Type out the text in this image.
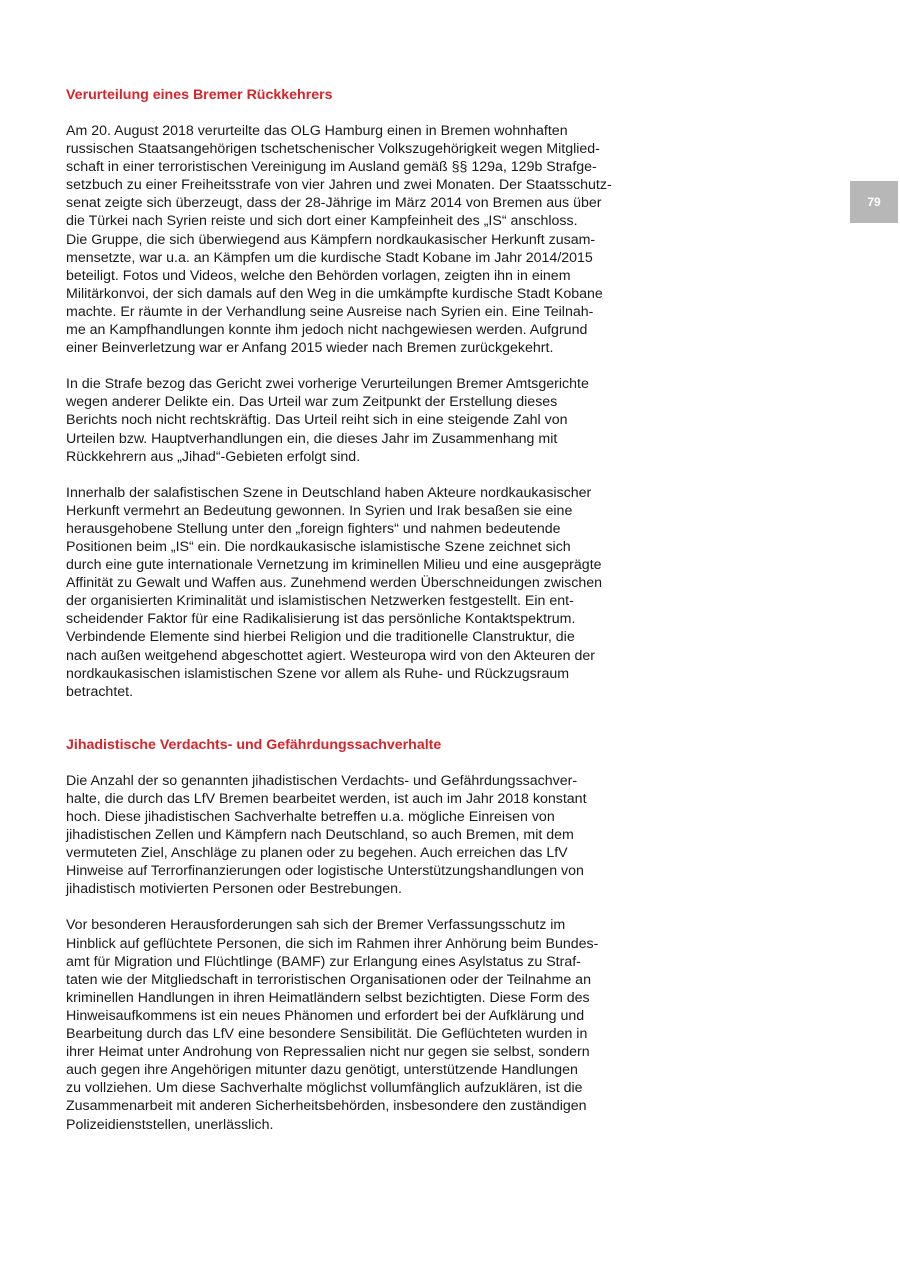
79
Verurteilung eines Bremer Rückkehrers
Am 20. August 2018 verurteilte das OLG Hamburg einen in Bremen wohnhaften
russischen Staatsangehörigen tschetschenischer Volkszugehörigkeit wegen Mitglied-
schaft in einer terroristischen Vereinigung im Ausland gemäß §§ 129a, 129b Strafge-
setzbuch zu einer Freiheitsstrafe von vier Jahren und zwei Monaten. Der Staatsschutz-
senat zeigte sich überzeugt, dass der 28-Jährige im März 2014 von Bremen aus über
die Türkei nach Syrien reiste und sich dort einer Kampfeinheit des „IS“ anschloss.
Die Gruppe, die sich überwiegend aus Kämpfern nordkaukasischer Herkunft zusam-
mensetzte, war u.a. an Kämpfen um die kurdische Stadt Kobane im Jahr 2014/2015
beteiligt. Fotos und Videos, welche den Behörden vorlagen, zeigten ihn in einem
Militärkonvoi, der sich damals auf den Weg in die umkämpfte kurdische Stadt Kobane
machte. Er räumte in der Verhandlung seine Ausreise nach Syrien ein. Eine Teilnah-
me an Kampfhandlungen konnte ihm jedoch nicht nachgewiesen werden. Aufgrund
einer Beinverletzung war er Anfang 2015 wieder nach Bremen zurückgekehrt.
In die Strafe bezog das Gericht zwei vorherige Verurteilungen Bremer Amtsgerichte
wegen anderer Delikte ein. Das Urteil war zum Zeitpunkt der Erstellung dieses
Berichts noch nicht rechtskräftig. Das Urteil reiht sich in eine steigende Zahl von
Urteilen bzw. Hauptverhandlungen ein, die dieses Jahr im Zusammenhang mit
Rückkehrern aus „Jihad“-Gebieten erfolgt sind.
Innerhalb der salafistischen Szene in Deutschland haben Akteure nordkaukasischer
Herkunft vermehrt an Bedeutung gewonnen. In Syrien und Irak besaßen sie eine
herausgehobene Stellung unter den „foreign fighters“ und nahmen bedeutende
Positionen beim „IS“ ein. Die nordkaukasische islamistische Szene zeichnet sich
durch eine gute internationale Vernetzung im kriminellen Milieu und eine ausgeprägte
Affinität zu Gewalt und Waffen aus. Zunehmend werden Überschneidungen zwischen
der organisierten Kriminalität und islamistischen Netzwerken festgestellt. Ein ent-
scheidender Faktor für eine Radikalisierung ist das persönliche Kontaktspektrum.
Verbindende Elemente sind hierbei Religion und die traditionelle Clanstruktur, die
nach außen weitgehend abgeschottet agiert. Westeuropa wird von den Akteuren der
nordkaukasischen islamistischen Szene vor allem als Ruhe- und Rückzugsraum
betrachtet.
Jihadistische Verdachts- und Gefährdungssachverhalte
Die Anzahl der so genannten jihadistischen Verdachts- und Gefährdungssachver-
halte, die durch das LfV Bremen bearbeitet werden, ist auch im Jahr 2018 konstant
hoch. Diese jihadistischen Sachverhalte betreffen u.a. mögliche Einreisen von
jihadistischen Zellen und Kämpfern nach Deutschland, so auch Bremen, mit dem
vermuteten Ziel, Anschläge zu planen oder zu begehen. Auch erreichen das LfV
Hinweise auf Terrorfinanzierungen oder logistische Unterstützungshandlungen von
jihadistisch motivierten Personen oder Bestrebungen.
Vor besonderen Herausforderungen sah sich der Bremer Verfassungsschutz im
Hinblick auf geflüchtete Personen, die sich im Rahmen ihrer Anhörung beim Bundes-
amt für Migration und Flüchtlinge (BAMF) zur Erlangung eines Asylstatus zu Straf-
taten wie der Mitgliedschaft in terroristischen Organisationen oder der Teilnahme an
kriminellen Handlungen in ihren Heimatländern selbst bezichtigten. Diese Form des
Hinweisaufkommens ist ein neues Phänomen und erfordert bei der Aufklärung und
Bearbeitung durch das LfV eine besondere Sensibilität. Die Geflüchteten wurden in
ihrer Heimat unter Androhung von Repressalien nicht nur gegen sie selbst, sondern
auch gegen ihre Angehörigen mitunter dazu genötigt, unterstützende Handlungen
zu vollziehen. Um diese Sachverhalte möglichst vollumfänglich aufzuklären, ist die
Zusammenarbeit mit anderen Sicherheitsbehörden, insbesondere den zuständigen
Polizeidienststellen, unerlässlich.
